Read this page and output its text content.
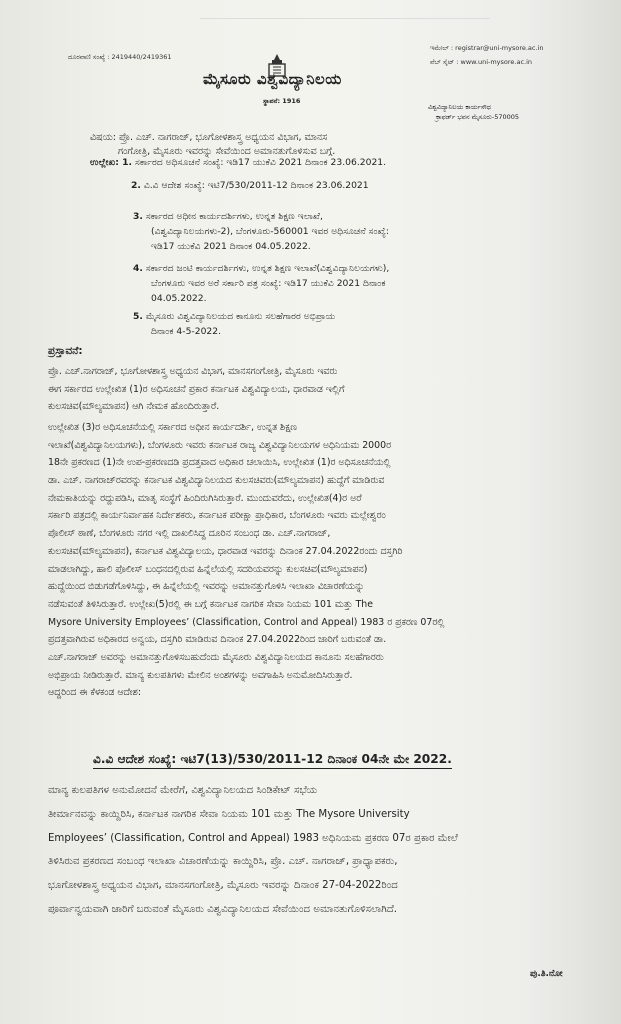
ದೂರವಾಣಿ ಸಂಖ್ಯೆ : 2419440/2419361
ಇಮೇಲ್ : registrar@uni-mysore.ac.in
ವೆಬ್ ಸೈಟ್ : www.uni-mysore.ac.in
ಮೈಸೂರು ವಿಶ್ವವಿದ್ಯಾನಿಲಯ
ಸ್ಥಾಪನೆ: 1916
ವಿಶ್ವವಿದ್ಯಾನಿಲಯ ಕಾರ್ಯಸೌಧ
ಕ್ರಾಫರ್ಡ್ ಭವನ ಮೈಸೂರು-570005
ವಿಷಯ: ಪ್ರೊ. ಎಚ್. ನಾಗರಾಜ್, ಭೂಗೋಳಶಾಸ್ತ್ರ ಅಧ್ಯಯನ ವಿಭಾಗ, ಮಾನಸ
ಗಂಗೋತ್ರಿ, ಮೈಸೂರು ಇವರನ್ನು ಸೇವೆಯಿಂದ ಅಮಾನತುಗೊಳಿಸುವ ಬಗ್ಗೆ.
ಉಲ್ಲೇಖ: 1. ಸರ್ಕಾರದ ಅಧಿಸೂಚನೆ ಸಂಖ್ಯೆ: ಇಡಿ17 ಯುಕೆವಿ 2021 ದಿನಾಂಕ 23.06.2021.
2. ವಿ.ವಿ ಆದೇಶ ಸಂಖ್ಯೆ: ಇಟಿ7/530/2011-12 ದಿನಾಂಕ 23.06.2021
3. ಸರ್ಕಾರದ ಅಧೀನ ಕಾರ್ಯದರ್ಶಿಗಳು, ಉನ್ನತ ಶಿಕ್ಷಣ ಇಲಾಖೆ,
(ವಿಶ್ವವಿದ್ಯಾನಿಲಯಗಳು-2), ಬೆಂಗಳೂರು-560001 ಇವರ ಅಧಿಸೂಚನೆ ಸಂಖ್ಯೆ:
ಇಡಿ17 ಯುಕೆವಿ 2021 ದಿನಾಂಕ 04.05.2022.
4. ಸರ್ಕಾರದ ಜಂಟಿ ಕಾರ್ಯದರ್ಶಿಗಳು, ಉನ್ನತ ಶಿಕ್ಷಣ ಇಲಾಖೆ(ವಿಶ್ವವಿದ್ಯಾನಿಲಯಗಳು),
ಬೆಂಗಳೂರು ಇವರ ಅರೆ ಸರ್ಕಾರಿ ಪತ್ರ ಸಂಖ್ಯೆ: ಇಡಿ17 ಯುಕೆವಿ 2021 ದಿನಾಂಕ
04.05.2022.
5. ಮೈಸೂರು ವಿಶ್ವವಿದ್ಯಾನಿಲಯದ ಕಾನೂನು ಸಲಹೆಗಾರರ ಅಭಿಪ್ರಾಯ
ದಿನಾಂಕ 4-5-2022.
ಪ್ರಸ್ತಾವನೆ:
ಪ್ರೊ. ಎಚ್.ನಾಗರಾಜ್, ಭೂಗೋಳಶಾಸ್ತ್ರ ಅಧ್ಯಯನ ವಿಭಾಗ, ಮಾನಸಗಂಗೋತ್ರಿ, ಮೈಸೂರು ಇವರು
ಈಗ ಸರ್ಕಾರದ ಉಲ್ಲೇಖಿತ (1)ರ ಅಧಿಸೂಚನೆ ಪ್ರಕಾರ ಕರ್ನಾಟಕ ವಿಶ್ವವಿದ್ಯಾಲಯ, ಧಾರವಾಡ ಇಲ್ಲಿಗೆ
ಕುಲಸಚಿವ(ಮೌಲ್ಯಮಾಪನ) ಆಗಿ ನೇಮಕ ಹೊಂದಿರುತ್ತಾರೆ.
ಉಲ್ಲೇಖಿತ (3)ರ ಅಧಿಸೂಚನೆಯಲ್ಲಿ ಸರ್ಕಾರದ ಅಧೀನ ಕಾರ್ಯದರ್ಶಿ, ಉನ್ನತ ಶಿಕ್ಷಣ
ಇಲಾಖೆ(ವಿಶ್ವವಿದ್ಯಾನಿಲಯಗಳು), ಬೆಂಗಳೂರು ಇವರು ಕರ್ನಾಟಕ ರಾಜ್ಯ ವಿಶ್ವವಿದ್ಯಾನಿಲಯಗಳ ಅಧಿನಿಯಮ 2000ರ
18ನೇ ಪ್ರಕರಣದ (1)ನೇ ಉಪ-ಪ್ರಕರಣದಡಿ ಪ್ರದತ್ತವಾದ ಅಧಿಕಾರ ಚಲಾಯಿಸಿ, ಉಲ್ಲೇಖಿತ (1)ರ ಅಧಿಸೂಚನೆಯಲ್ಲಿ
ಡಾ. ಎಚ್. ನಾಗರಾಜ್‌ರವರನ್ನು ಕರ್ನಾಟಕ ವಿಶ್ವವಿದ್ಯಾನಿಲಯದ ಕುಲಸಚಿವರು(ಮೌಲ್ಯಮಾಪನ) ಹುದ್ದೆಗೆ ಮಾಡಿರುವ
ನೇಮಕಾತಿಯನ್ನು ರದ್ದುಪಡಿಸಿ, ಮಾತೃ ಸಂಸ್ಥೆಗೆ ಹಿಂದಿರುಗಿಸಿರುತ್ತಾರೆ. ಮುಂದುವರೆದು, ಉಲ್ಲೇಖಿತ(4)ರ ಅರೆ
ಸರ್ಕಾರಿ ಪತ್ರದಲ್ಲಿ ಕಾರ್ಯನಿರ್ವಾಹಕ ನಿರ್ದೇಶಕರು, ಕರ್ನಾಟಕ ಪರೀಕ್ಷಾ ಪ್ರಾಧಿಕಾರ, ಬೆಂಗಳೂರು ಇವರು ಮಲ್ಲೇಶ್ವರಂ
ಪೊಲೀಸ್ ಠಾಣೆ, ಬೆಂಗಳೂರು ನಗರ ಇಲ್ಲಿ ದಾಖಲಿಸಿದ್ದ ದೂರಿನ ಸಂಬಂಧ ಡಾ. ಎಚ್.ನಾಗರಾಜ್,
ಕುಲಸಚಿವ(ಮೌಲ್ಯಮಾಪನ), ಕರ್ನಾಟಕ ವಿಶ್ವವಿದ್ಯಾಲಯ, ಧಾರವಾಡ ಇವರನ್ನು ದಿನಾಂಕ 27.04.2022ರಂದು ದಸ್ತಗಿರಿ
ಮಾಡಲಾಗಿದ್ದು, ಹಾಲಿ ಪೊಲೀಸ್ ಬಂಧನದಲ್ಲಿರುವ ಹಿನ್ನೆಲೆಯಲ್ಲಿ ಸದರಿಯವರನ್ನು ಕುಲಸಚಿವ(ಮೌಲ್ಯಮಾಪನ)
ಹುದ್ದೆಯಿಂದ ಬಿಡುಗಡೆಗೊಳಿಸಿದ್ದು, ಈ ಹಿನ್ನೆಲೆಯಲ್ಲಿ ಇವರನ್ನು ಅಮಾನತ್ತುಗೊಳಿಸಿ ಇಲಾಖಾ ವಿಚಾರಣೆಯನ್ನು
ನಡೆಸುವಂತೆ ತಿಳಿಸಿರುತ್ತಾರೆ. ಉಲ್ಲೇಖ(5)ರಲ್ಲಿ ಈ ಬಗ್ಗೆ ಕರ್ನಾಟಕ ನಾಗರಿಕ ಸೇವಾ ನಿಯಮ 101 ಮತ್ತು The
Mysore University Employees’ (Classification, Control and Appeal) 1983 ರ ಪ್ರಕರಣ 07ರಲ್ಲಿ
ಪ್ರದತ್ತವಾಗಿರುವ ಅಧಿಕಾರದ ಅನ್ವಯ, ದಸ್ತಗಿರಿ ಮಾಡಿರುವ ದಿನಾಂಕ 27.04.2022ರಿಂದ ಜಾರಿಗೆ ಬರುವಂತೆ ಡಾ.
ಎಚ್.ನಾಗರಾಜ್ ಅವರನ್ನು ಅಮಾನತ್ತುಗೊಳಿಸಬಹುದೆಂದು ಮೈಸೂರು ವಿಶ್ವವಿದ್ಯಾನಿಲಯದ ಕಾನೂನು ಸಲಹೆಗಾರರು
ಅಭಿಪ್ರಾಯ ನೀಡಿರುತ್ತಾರೆ. ಮಾನ್ಯ ಕುಲಪತಿಗಳು ಮೇಲಿನ ಅಂಶಗಳನ್ನು ಅವಗಾಹಿಸಿ ಅನುಮೋದಿಸಿರುತ್ತಾರೆ.
ಆದ್ದರಿಂದ ಈ ಕೆಳಕಂಡ ಆದೇಶ:
ವಿ.ವಿ ಆದೇಶ ಸಂಖ್ಯೆ: ಇಟಿ7(13)/530/2011-12 ದಿನಾಂಕ 04ನೇ ಮೇ 2022.
ಮಾನ್ಯ ಕುಲಪತಿಗಳ ಅನುಮೋದನೆ ಮೇರೆಗೆ, ವಿಶ್ವವಿದ್ಯಾನಿಲಯದ ಸಿಂಡಿಕೇಟ್ ಸಭೆಯ
ತೀರ್ಮಾನವನ್ನು ಕಾಯ್ದಿರಿಸಿ, ಕರ್ನಾಟಕ ನಾಗರಿಕ ಸೇವಾ ನಿಯಮ 101 ಮತ್ತು The Mysore University
Employees’ (Classification, Control and Appeal) 1983 ಅಧಿನಿಯಮ ಪ್ರಕರಣ 07ರ ಪ್ರಕಾರ ಮೇಲೆ
ತಿಳಿಸಿರುವ ಪ್ರಕರಣದ ಸಂಬಂಧ ಇಲಾಖಾ ವಿಚಾರಣೆಯನ್ನು ಕಾಯ್ದಿರಿಸಿ, ಪ್ರೊ. ಎಚ್. ನಾಗರಾಜ್, ಪ್ರಾಧ್ಯಾಪಕರು,
ಭೂಗೋಳಶಾಸ್ತ್ರ ಅಧ್ಯಯನ ವಿಭಾಗ, ಮಾನಸಗಂಗೋತ್ರಿ, ಮೈಸೂರು ಇವರನ್ನು ದಿನಾಂಕ 27-04-2022ರಿಂದ
ಪೂರ್ವಾನ್ವಯವಾಗಿ ಜಾರಿಗೆ ಬರುವಂತೆ ಮೈಸೂರು ವಿಶ್ವವಿದ್ಯಾನಿಲಯದ ಸೇವೆಯಿಂದ ಅಮಾನತುಗೊಳಿಸಲಾಗಿದೆ.
ಪು.ತಿ.ನೋ
